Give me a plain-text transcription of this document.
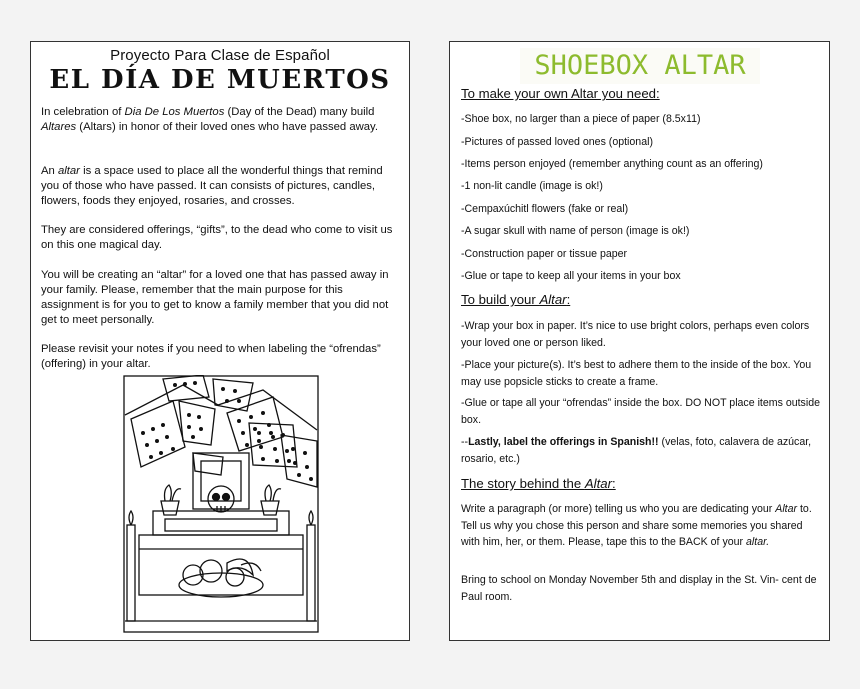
Proyecto Para Clase de Español
EL DÍA DE MUERTOS
In celebration of Dia De Los Muertos (Day of the Dead) many build Altares (Altars) in honor of their loved ones who have passed away.
An altar is a space used to place all the wonderful things that remind you of those who have passed. It can consists of pictures, candles, flowers, foods they enjoyed, rosaries, and crosses.
They are considered offerings, “gifts”, to the dead who come to visit us on this one magical day.
You will be creating an “altar” for a loved one that has passed away in your family. Please, remember that the main purpose for this assignment is for you to get to know a family member that you did not get to meet personally.
Please revisit your notes if you need to when labeling the “ofrendas” (offering) in your altar.
SHOEBOX ALTAR
To make your own Altar you need:
-Shoe box, no larger than a piece of paper (8.5x11)
-Pictures of passed loved ones (optional)
-Items person enjoyed (remember anything count as an offering)
-1 non-lit candle (image is ok!)
-Cempaxúchitl flowers (fake or real)
-A sugar skull with name of person (image is ok!)
-Construction paper or tissue paper
-Glue or tape to keep all your items in your box
To build your Altar:
-Wrap your box in paper. It’s nice to use bright colors, perhaps even colors your loved one or person liked.
-Place your picture(s). It’s best to adhere them to the inside of the box. You may use popsicle sticks to create a frame.
-Glue or tape all your “ofrendas” inside the box. DO NOT place items outside box.
--Lastly, label the offerings in Spanish!! (velas, foto, calavera de azúcar, rosario, etc.)
The story behind the Altar:
Write a paragraph (or more) telling us who you are dedicating your Altar to. Tell us why you chose this person and share some memories you shared with him, her, or them. Please, tape this to the BACK of your altar.
Bring to school on Monday November 5th and display in the St. Vin- cent de Paul room.
